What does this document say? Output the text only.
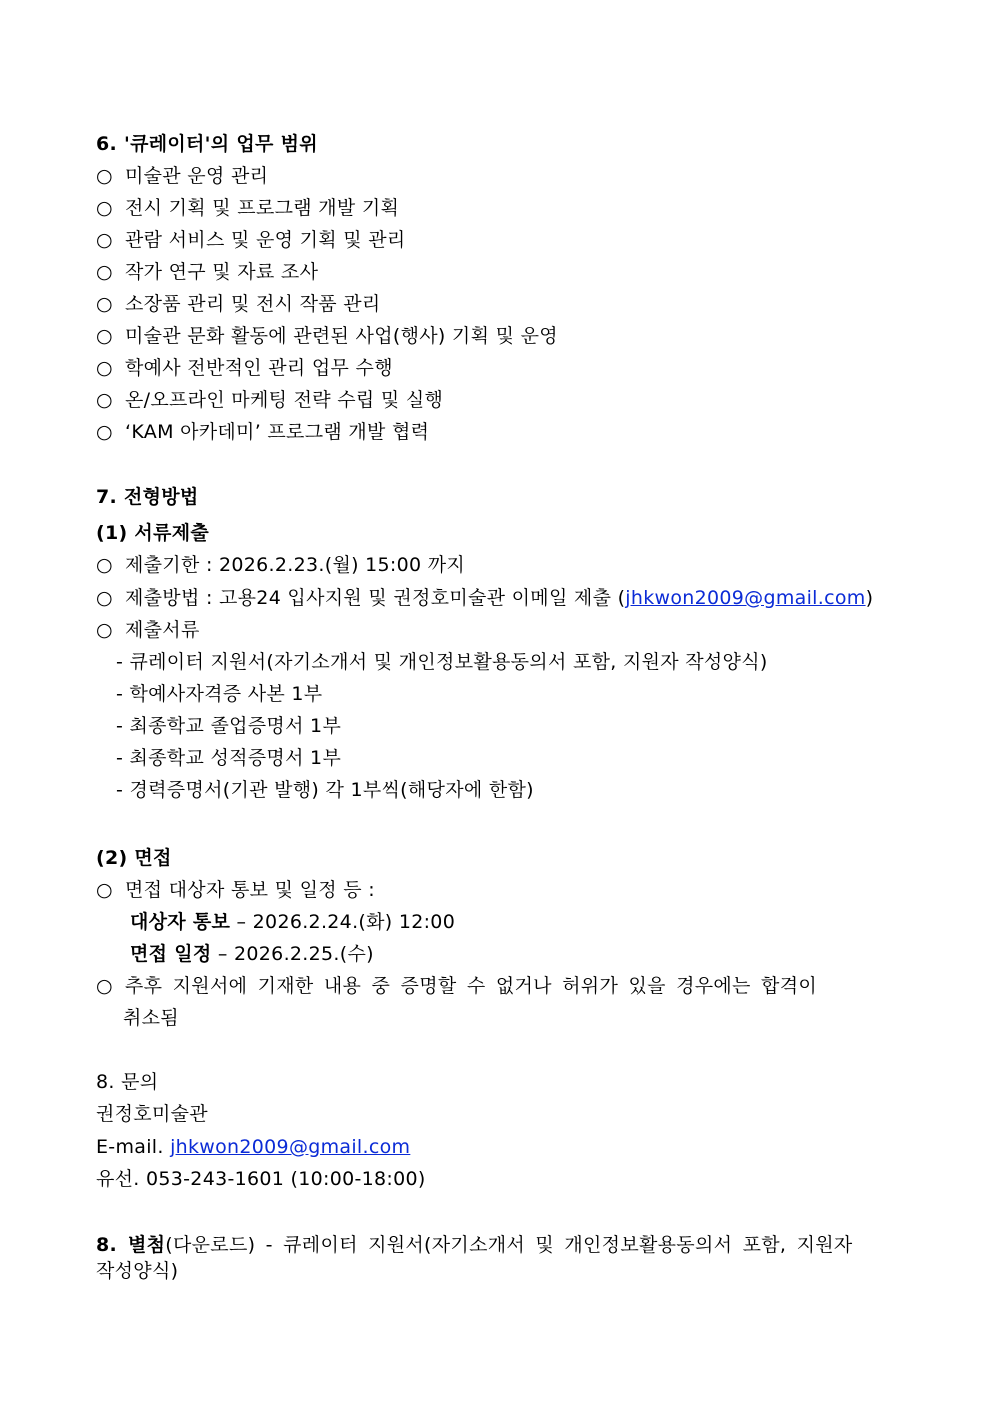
6. '큐레이터'의 업무 범위
○ 미술관 운영 관리
○ 전시 기획 및 프로그램 개발 기획
○ 관람 서비스 및 운영 기획 및 관리
○ 작가 연구 및 자료 조사
○ 소장품 관리 및 전시 작품 관리
○ 미술관 문화 활동에 관련된 사업(행사) 기획 및 운영
○ 학예사 전반적인 관리 업무 수행
○ 온/오프라인 마케팅 전략 수립 및 실행
○ ‘KAM 아카데미’ 프로그램 개발 협력
7. 전형방법
(1) 서류제출
○ 제출기한 : 2026.2.23.(월) 15:00 까지
○ 제출방법 : 고용24 입사지원 및 권정호미술관 이메일 제출 (jhkwon2009@gmail.com)
○ 제출서류
- 큐레이터 지원서(자기소개서 및 개인정보활용동의서 포함, 지원자 작성양식)
- 학예사자격증 사본 1부
- 최종학교 졸업증명서 1부
- 최종학교 성적증명서 1부
- 경력증명서(기관 발행) 각 1부씩(해당자에 한함)
(2) 면접
○ 면접 대상자 통보 및 일정 등 :
대상자 통보 – 2026.2.24.(화) 12:00
면접 일정 – 2026.2.25.(수)
○ 추후 지원서에 기재한 내용 중 증명할 수 없거나 허위가 있을 경우에는 합격이
취소됨
8. 문의
권정호미술관
E-mail. jhkwon2009@gmail.com
유선. 053-243-1601 (10:00-18:00)
8. 별첨(다운로드) - 큐레이터 지원서(자기소개서 및 개인정보활용동의서 포함, 지원자
작성양식)
